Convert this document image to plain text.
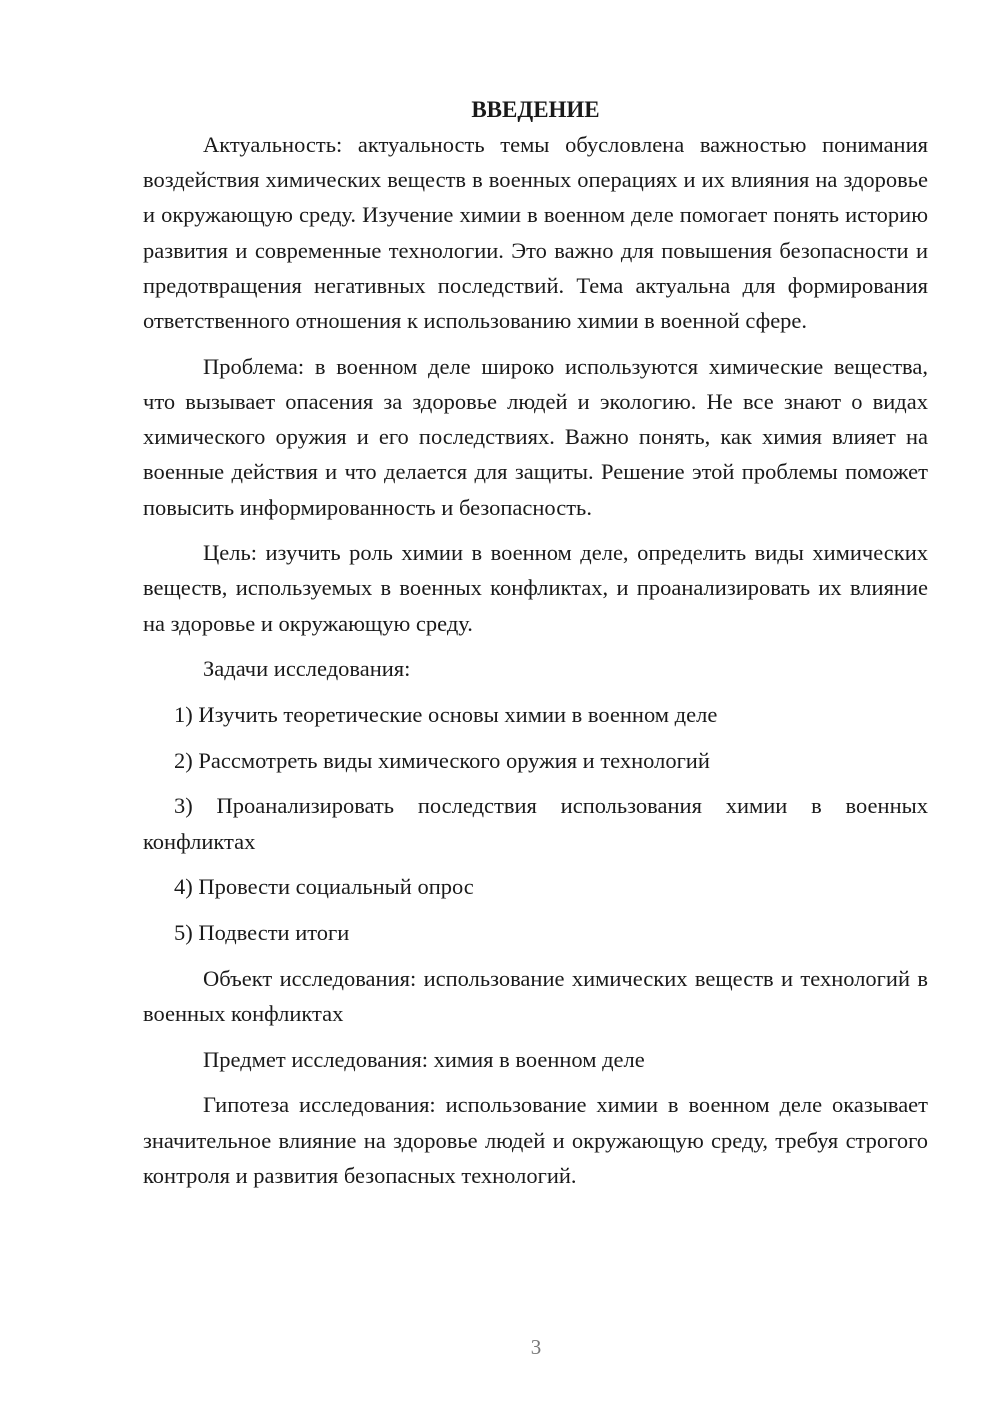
ВВЕДЕНИЕ

Актуальность: актуальность темы обусловлена важностью понимания воздействия химических веществ в военных операциях и их влияния на здоровье и окружающую среду. Изучение химии в военном деле помогает понять историю развития и современные технологии. Это важно для повышения безопасности и предотвращения негативных последствий. Тема актуальна для формирования ответственного отношения к использованию химии в военной сфере.

Проблема: в военном деле широко используются химические вещества, что вызывает опасения за здоровье людей и экологию. Не все знают о видах химического оружия и его последствиях. Важно понять, как химия влияет на военные действия и что делается для защиты. Решение этой проблемы поможет повысить информированность и безопасность.

Цель: изучить роль химии в военном деле, определить виды химических веществ, используемых в военных конфликтах, и проанализировать их влияние на здоровье и окружающую среду.

Задачи исследования:

1) Изучить теоретические основы химии в военном деле

2) Рассмотреть виды химического оружия и технологий

3) Проанализировать последствия использования химии в военных конфликтах

4) Провести социальный опрос

5) Подвести итоги

Объект исследования: использование химических веществ и технологий в военных конфликтах

Предмет исследования: химия в военном деле

Гипотеза исследования: использование химии в военном деле оказывает значительное влияние на здоровье людей и окружающую среду, требуя строгого контроля и развития безопасных технологий.

3
